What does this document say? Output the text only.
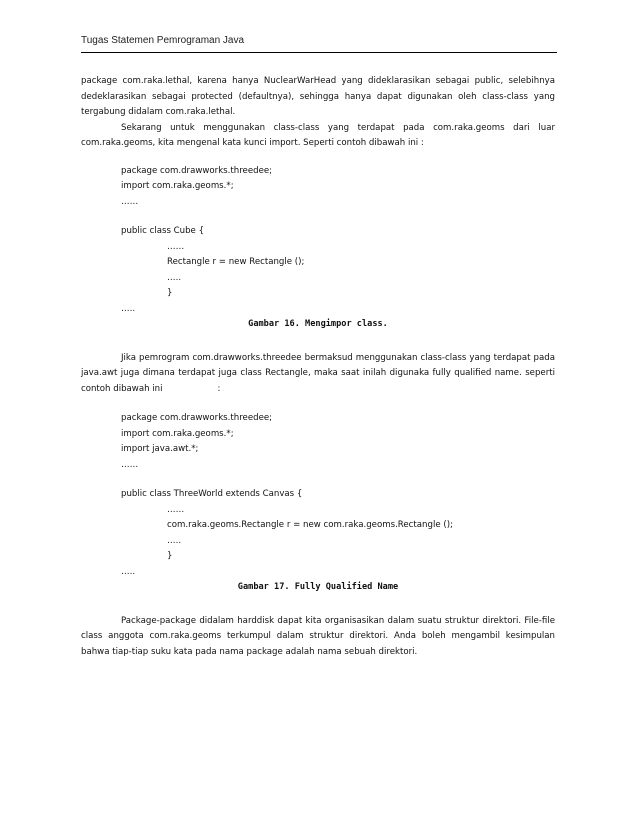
Tugas Statemen Pemrograman Java

package com.raka.lethal, karena hanya NuclearWarHead yang dideklarasikan sebagai public, selebihnya dedeklarasikan sebagai protected (defaultnya), sehingga hanya dapat digunakan oleh class-class yang tergabung didalam com.raka.lethal.

Sekarang untuk menggunakan class-class yang terdapat pada com.raka.geoms dari luar com.raka.geoms, kita mengenal kata kunci import. Seperti contoh dibawah ini :

package com.drawworks.threedee;
import com.raka.geoms.*;
……
public class Cube {
……
Rectangle r = new Rectangle ();
…..
}
…..
Gambar 16. Mengimpor class.

Jika pemrogram com.drawworks.threedee bermaksud menggunakan class-class yang terdapat pada java.awt juga dimana terdapat juga class Rectangle, maka saat inilah digunaka fully qualified name. seperti contoh dibawah ini	:

package com.drawworks.threedee;
import com.raka.geoms.*;
import java.awt.*;
……
public class ThreeWorld extends Canvas {
……
com.raka.geoms.Rectangle r = new com.raka.geoms.Rectangle ();
…..
}
…..
Gambar 17. Fully Qualified Name

Package-package didalam harddisk dapat kita organisasikan dalam suatu struktur direktori. File-file class anggota com.raka.geoms terkumpul dalam struktur direktori. Anda boleh mengambil kesimpulan bahwa tiap-tiap suku kata pada nama package adalah nama sebuah direktori.
